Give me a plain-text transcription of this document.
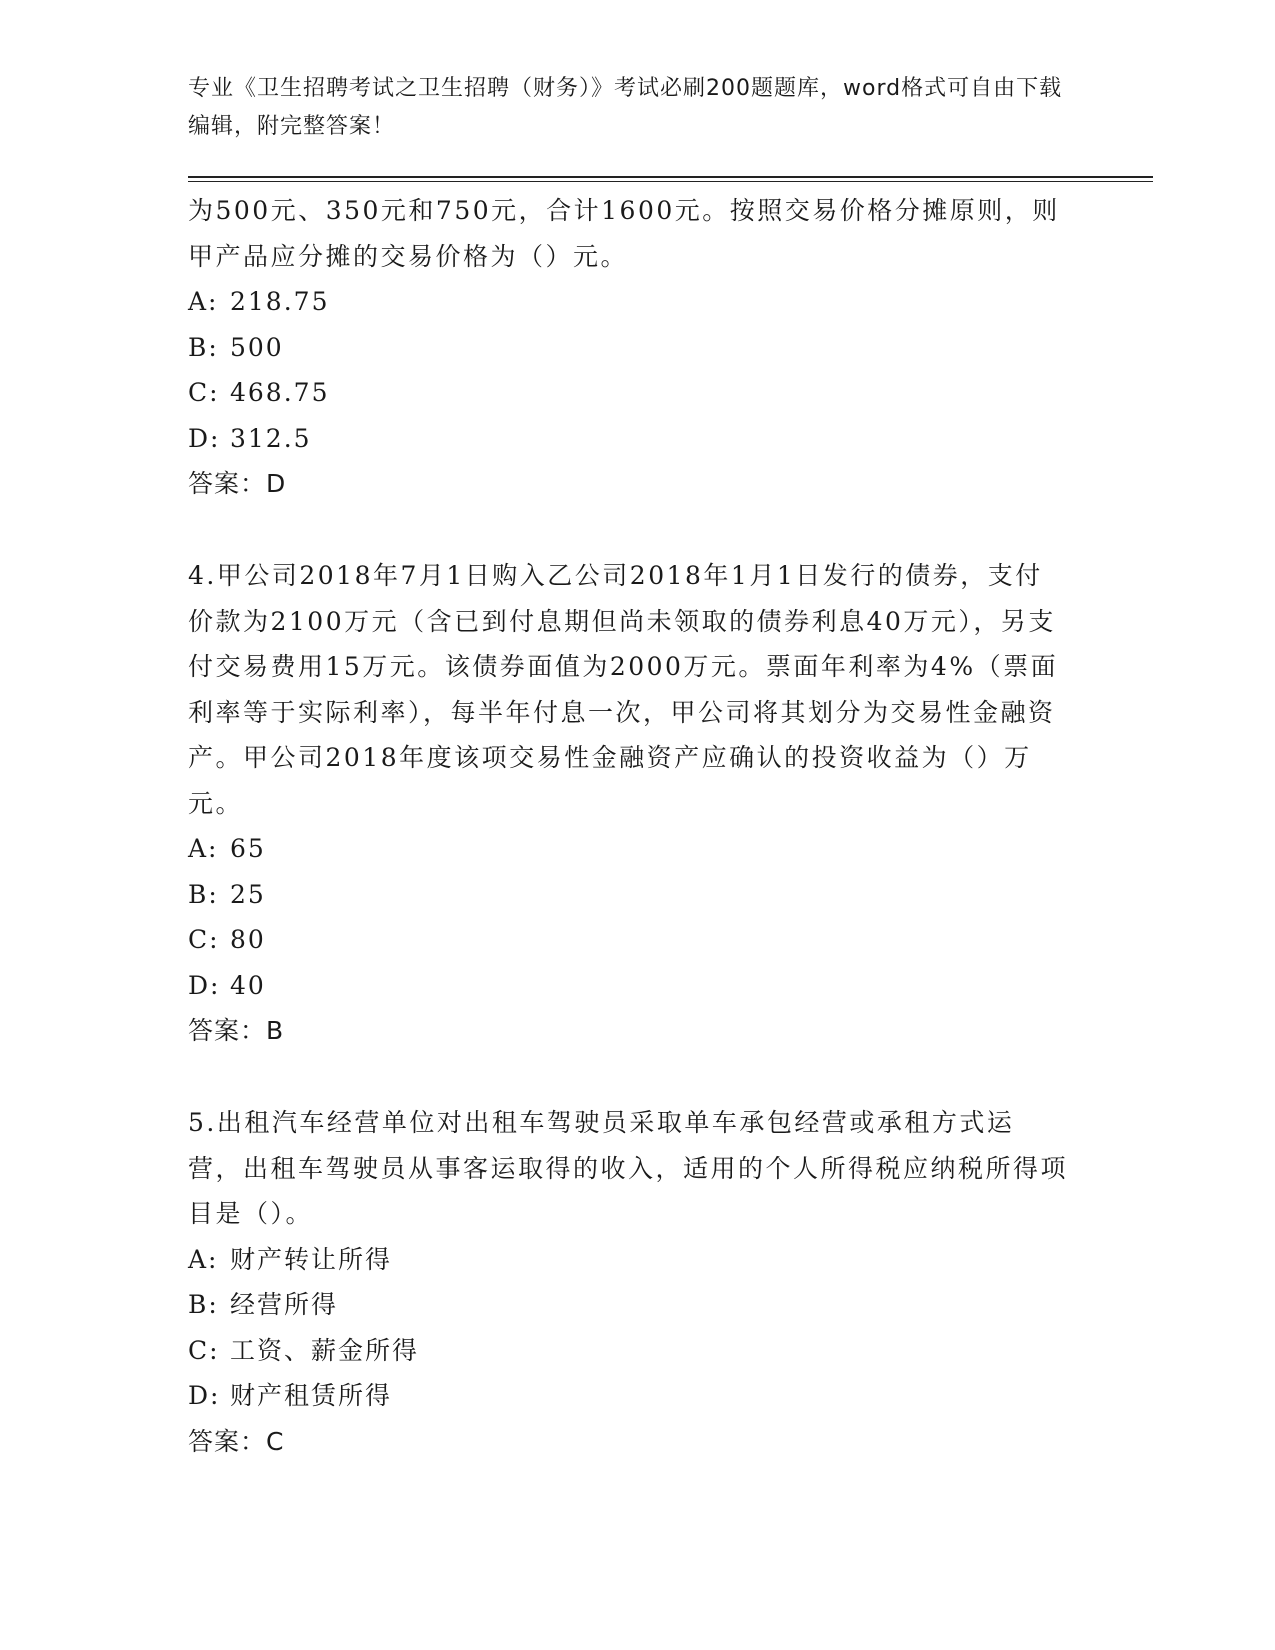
专业《卫生招聘考试之卫生招聘（财务）》考试必刷200题题库，word格式可自由下载编辑，附完整答案！

为500元、350元和750元，合计1600元。按照交易价格分摊原则，则甲产品应分摊的交易价格为（）元。

A: 218.75

B: 500

C: 468.75

D: 312.5

答案：D

4.甲公司2018年7月1日购入乙公司2018年1月1日发行的债券，支付价款为2100万元（含已到付息期但尚未领取的债券利息40万元），另支付交易费用15万元。该债券面值为2000万元。票面年利率为4%（票面利率等于实际利率），每半年付息一次，甲公司将其划分为交易性金融资产。甲公司2018年度该项交易性金融资产应确认的投资收益为（）万元。

A: 65

B: 25

C: 80

D: 40

答案：B

5.出租汽车经营单位对出租车驾驶员采取单车承包经营或承租方式运营，出租车驾驶员从事客运取得的收入，适用的个人所得税应纳税所得项目是（）。

A: 财产转让所得

B: 经营所得

C: 工资、薪金所得

D: 财产租赁所得

答案：C
